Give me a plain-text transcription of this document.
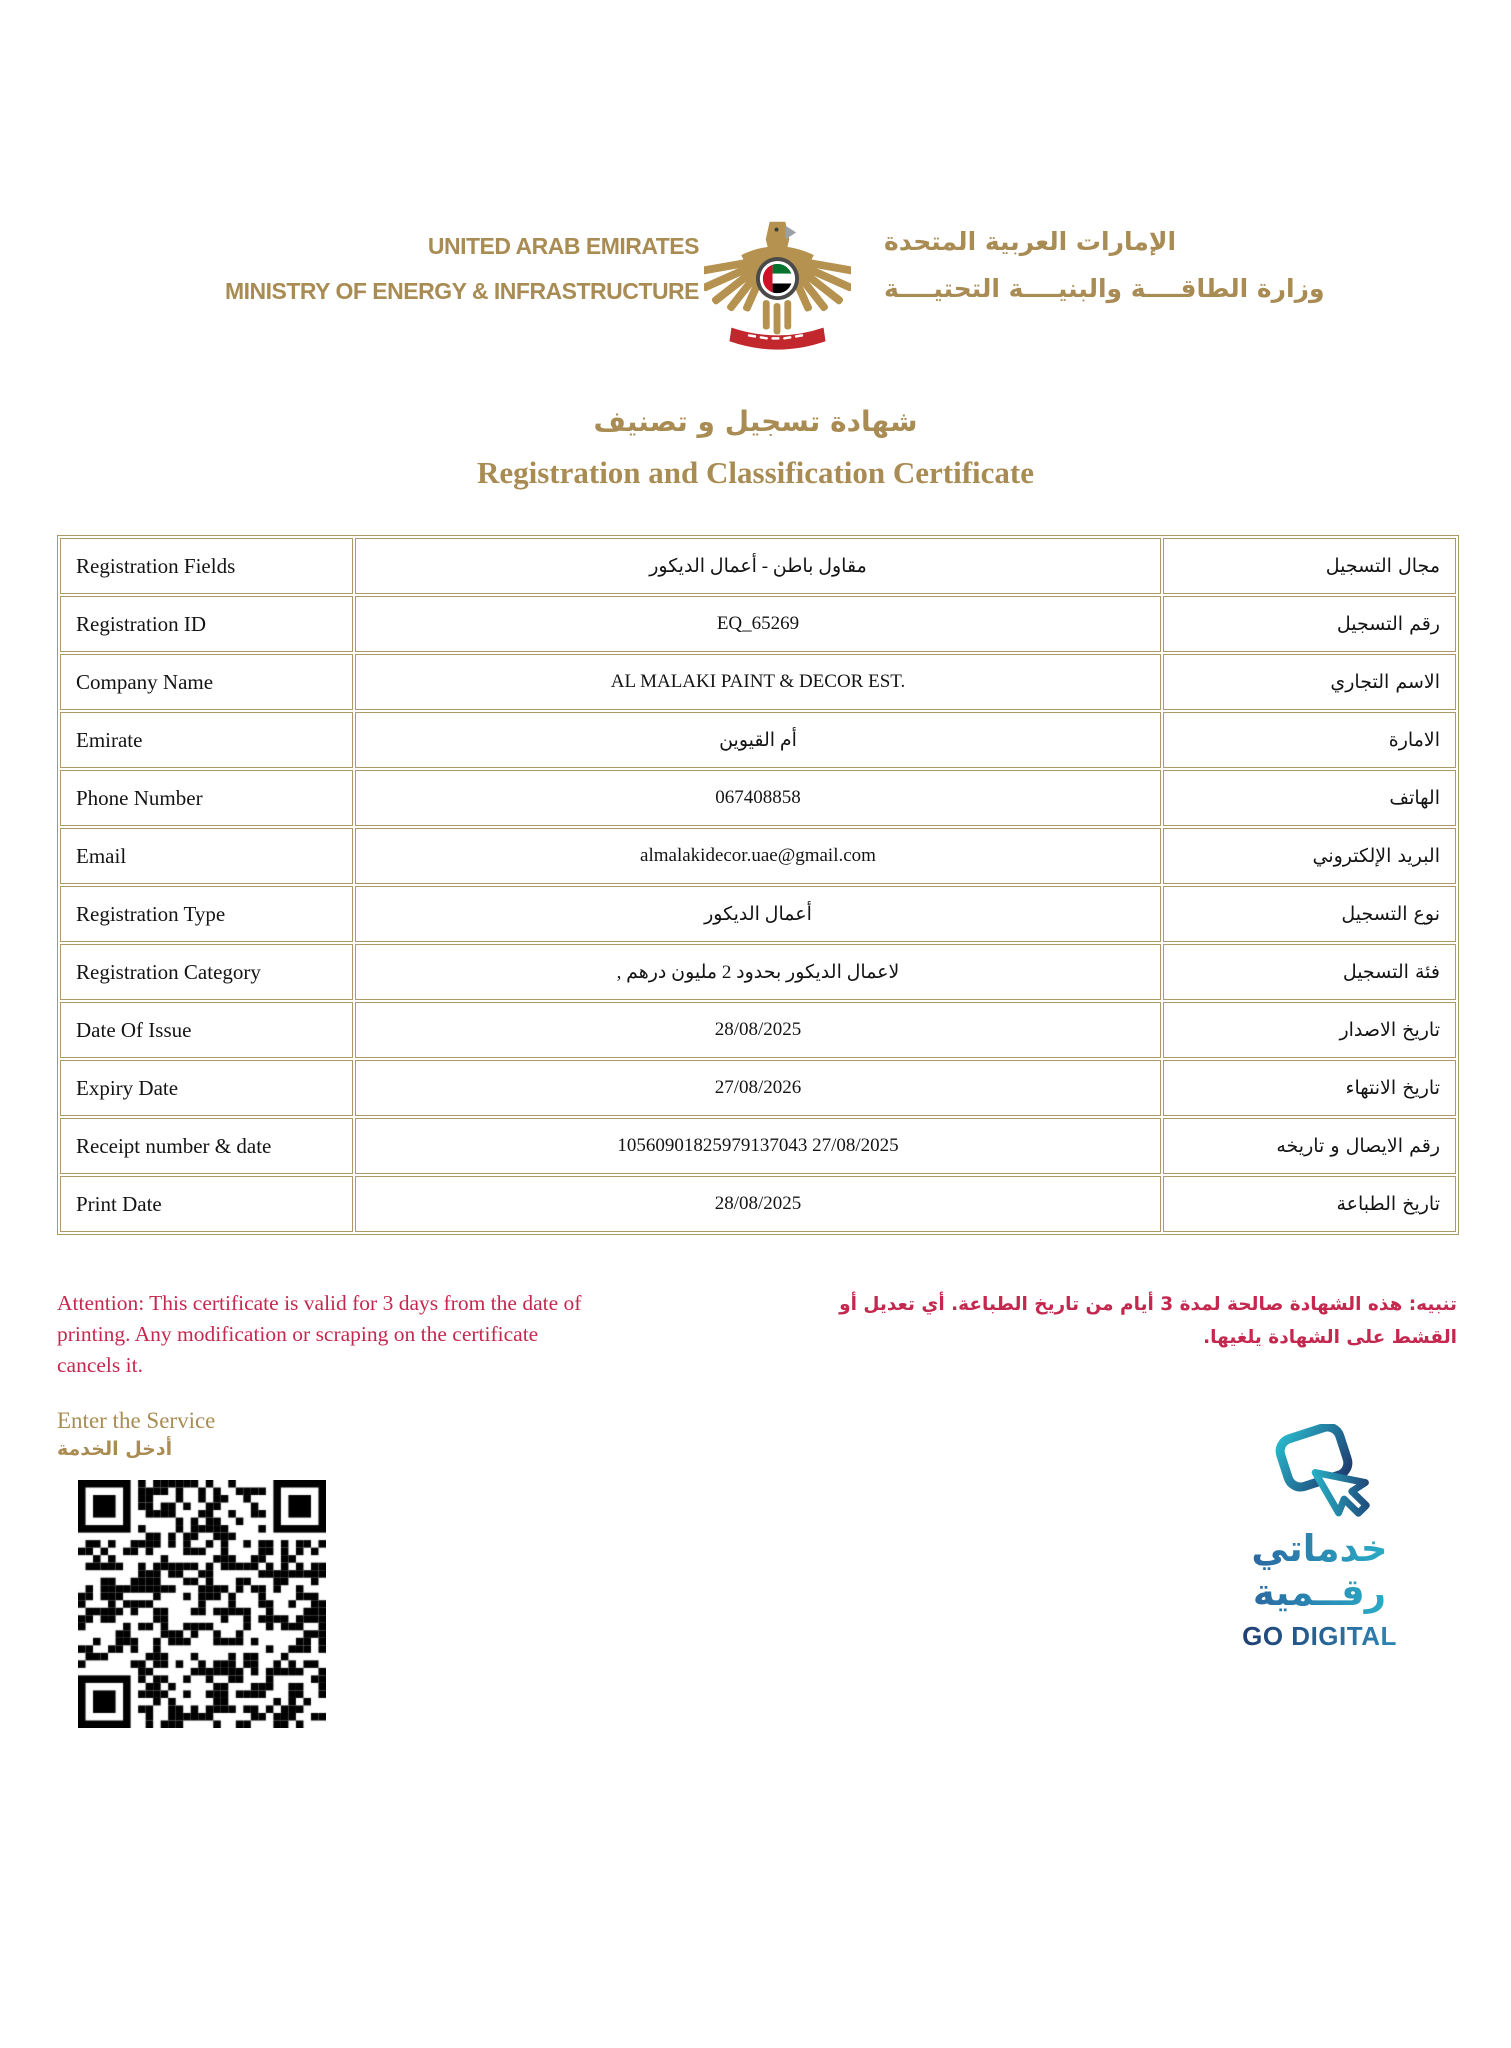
UNITED ARAB EMIRATES
MINISTRY OF ENERGY & INFRASTRUCTURE
الإمارات العربية المتحدة
وزارة الطاقــــة والبنيــــة التحتيــــة
شهادة تسجيل و تصنيف
Registration and Classification Certificate
Registration Fields	مقاول باطن - أعمال الديكور	مجال التسجيل
Registration ID	EQ_65269	رقم التسجيل
Company Name	AL MALAKI PAINT & DECOR EST.	الاسم التجاري
Emirate	أم القيوين	الامارة
Phone Number	067408858	الهاتف
Email	almalakidecor.uae@gmail.com	البريد الإلكتروني
Registration Type	أعمال الديكور	نوع التسجيل
Registration Category	لاعمال الديكور بحدود 2 مليون درهم ,	فئة التسجيل
Date Of Issue	28/08/2025	تاريخ الاصدار
Expiry Date	27/08/2026	تاريخ الانتهاء
Receipt number & date	10560901825979137043 27/08/2025	رقم الايصال و تاريخه
Print Date	28/08/2025	تاريخ الطباعة
Attention: This certificate is valid for 3 days from the date of printing. Any modification or scraping on the certificate cancels it.
تنبيه: هذه الشهادة صالحة لمدة 3 أيام من تاريخ الطباعة. أي تعديل أو القشط على الشهادة يلغيها.
Enter the Service
أدخل الخدمة
خدماتي
رقــمية
GO DIGITAL
